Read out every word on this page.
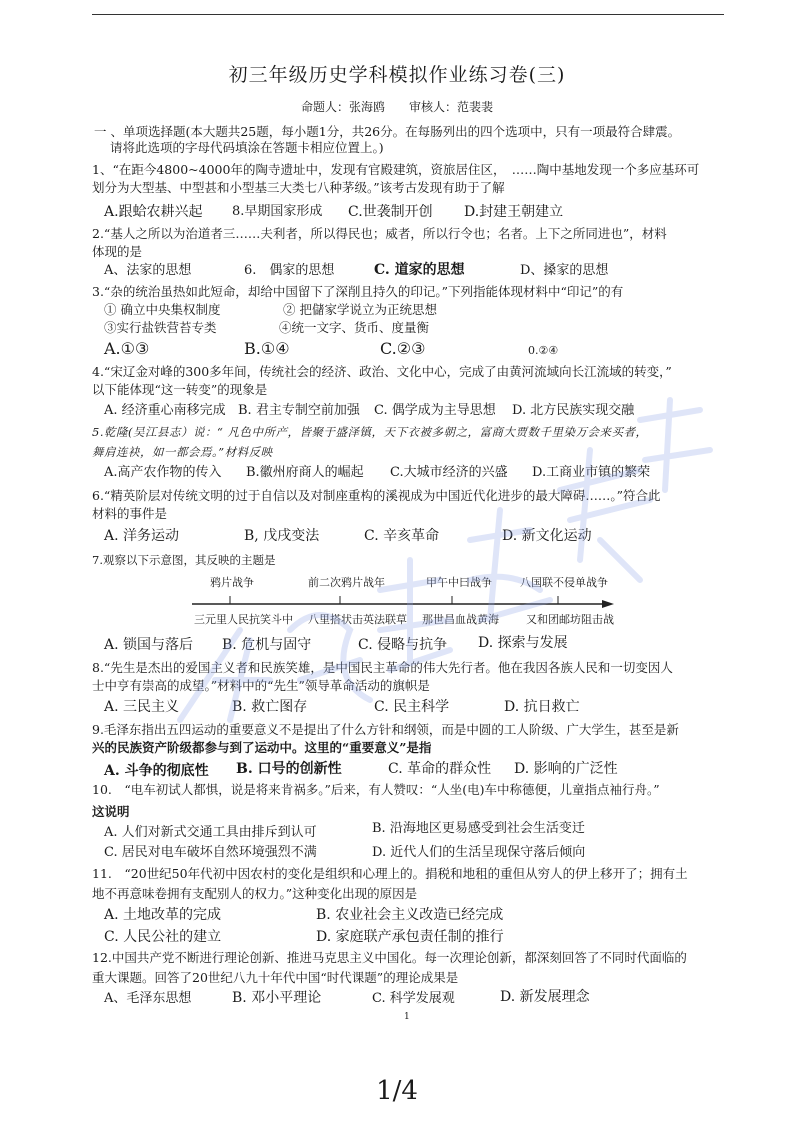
初三年级历史学科模拟作业练习卷(三)
命题人：张海鸥　　审核人：范裴裴
一 、单项选择题(本大题共25题，每小题1分，共26分。在每肠列出的四个选项中，只有一项最符合肆震。
请将此选项的字母代码填涂在答题卡相应位置上。)
1、“在距今4800~4000年的陶寺遗址中，发现有官殿建筑，资旅居住区，　……陶中基地发现一个多应基环可
划分为大型基、中型甚和小型基三大类七八种茅级。”该考古发现有助于了解
A.跟蛤农耕兴起 8.早期国家形成 C.世袭制开创 D.封建王朝建立
2.“基人之所以为治道者三……夫利者，所以得民也；威者，所以行令也；名者。上下之所同进也”，材料
体现的是
A、法家的思想	6.　偶家的思想	C. 道家的思想	D、搡家的思想
3.“杂的统治虽热如此短命，却给中国留下了深削且持久的印记。”下列指能体现材料中“印记”的有
① 确立中央集权制度　　　　　② 把儲家学说立为正统思想
③实行盐铁营苔专类　　　　　④统一文字、货币、度量衡
A.①③	B.①④	C.②③	0.②④
4.“宋辽金对峰的300多年间，传统社会的经济、政治、文化中心，完成了由黄河流域向长江流域的转变，”
以下能体现“这一转变”的现象是
A. 经济重心南移完成 B. 君主专制空前加强 C. 偶学成为主导思想 D. 北方民族实现交融
5.乾隆(吴江县志）说：“ 凡色中所产，皆聚于盛泽镇，天下衣被多朝之，富商大贾数千里染万会来买者，
舞肩连袂，如一都会焉。”材料反映
A.高产农作物的传入 B.徽州府商人的崛起 C.大城市经济的兴盛 D.工商业市镇的繁荣
6.“精英阶层对传统文明的过于自信以及对制座重构的溪视成为中国近代化进步的最大障碍……。”符合此
材料的事件是
A. 洋务运动	B, 戊戌变法	C. 辛亥革命	D. 新文化运动
7.观察以下示意图，其反映的主题是
鸦片战争	前二次鸦片战年	甲午中曰战争	八国联不侵单战争
三元里人民抗笑斗中 八里搭状击英法联草 那世昌血战黄海 又和团邮坊阻击战
A. 锁国与落后 B. 危机与固守	C. 侵略与抗争 D. 探索与发展
8.“先生是杰出的爱国主义者和民族笑雄，是中国民主革命的伟大先行者。他在我因各族人民和一切变因人
士中亨有崇高的成望。”材料中的“先生”领导革命活动的旗帜是
A. 三民主义	B. 救亡图存	C. 民主科学	D. 抗日救亡
9.毛泽东指出五四运动的重要意义不是提出了什么方针和纲领，而是中圆的工人阶级、广大学生，甚至是新
兴的民族资产阶级都参与到了运动中。这里的“重要意义”是指
A. 斗争的彻底性 B. 口号的创新性	C. 革命的群众性 D. 影响的广泛性
10.　“电车初试人都惧，说是将来肯祸多。”后来，有人赞叹：“人坐(电)车中称德便，儿童指点袖行舟。”
这说明
A. 人们对新式交通工具由排斥到认可	B. 沿海地区更易感受到社会生活变迁
C. 居民对电车破坏自然环境强烈不满	D. 近代人们的生活呈现保守落后倾向
11.　“20世纪50年代初中因农村的变化是组织和心理上的。捐税和地租的重但从穷人的伊上移开了；拥有土
地不再意味卷拥有支配别人的权力。”这种变化出现的原因是
A. 土地改革的完成	B. 农业社会主义改造已经完成
C. 人民公社的建立	D. 家庭联产承包责任制的推行
12.中国共产党不断进行理论创新、推进马克思主义中国化。每一次理论创新，都深刻回答了不同时代面临的
重大课题。回答了20世纪八九十年代中国“时代课题”的理论成果是
A、毛泽东思想	B. 邓小平理论	C. 科学发展观	D. 新发展理念
1
1/4
